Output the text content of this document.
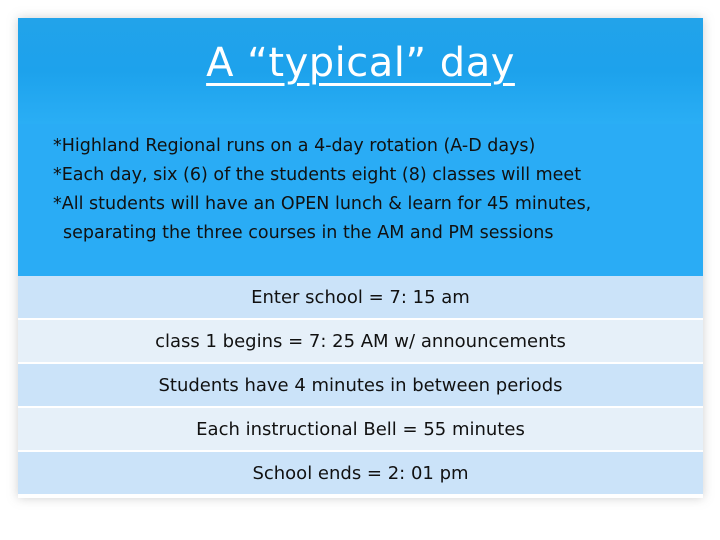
A “typical” day
*Highland Regional runs on a 4-day rotation (A-D days)
*Each day, six (6) of the students eight (8) classes will meet
*All students will have an OPEN lunch & learn for 45 minutes,
separating the three courses in the AM and PM sessions
Enter school = 7: 15 am
class 1 begins = 7: 25 AM w/ announcements
Students have 4 minutes in between periods
Each instructional Bell = 55 minutes
School ends = 2: 01 pm
